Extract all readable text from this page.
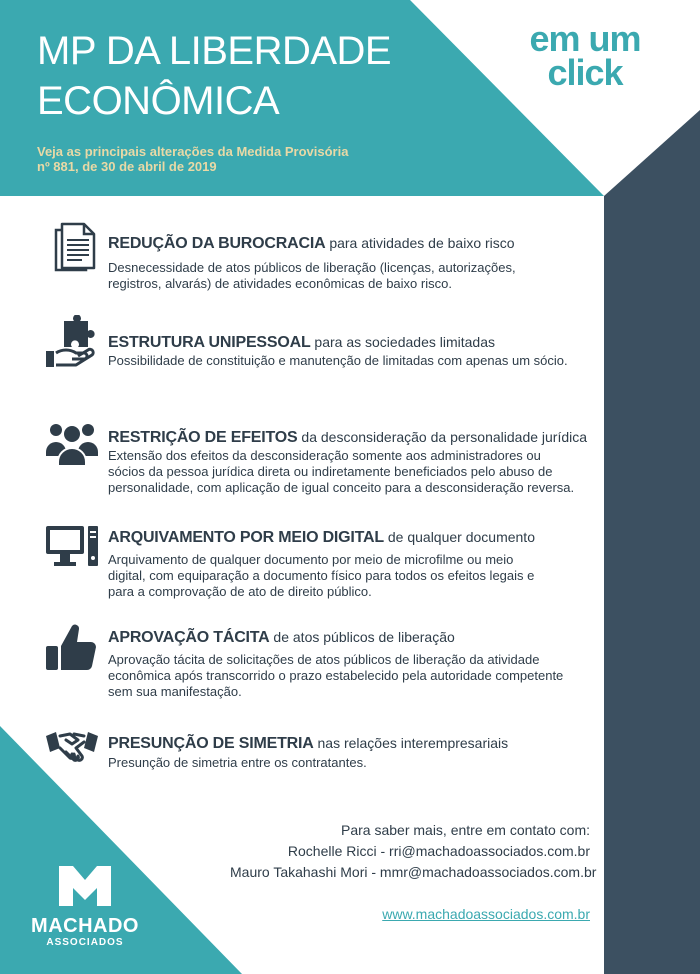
MP DA LIBERDADE
ECONÔMICA
Veja as principais alterações da Medida Provisória
nº 881, de 30 de abril de 2019
em um
click
REDUÇÃO DA BUROCRACIA para atividades de baixo risco
Desnecessidade de atos públicos de liberação (licenças, autorizações,
registros, alvarás) de atividades econômicas de baixo risco.
ESTRUTURA UNIPESSOAL para as sociedades limitadas
Possibilidade de constituição e manutenção de limitadas com apenas um sócio.
RESTRIÇÃO DE EFEITOS da desconsideração da personalidade jurídica
Extensão dos efeitos da desconsideração somente aos administradores ou
sócios da pessoa jurídica direta ou indiretamente beneficiados pelo abuso de
personalidade, com aplicação de igual conceito para a desconsideração reversa.
ARQUIVAMENTO POR MEIO DIGITAL de qualquer documento
Arquivamento de qualquer documento por meio de microfilme ou meio
digital, com equiparação a documento físico para todos os efeitos legais e
para a comprovação de ato de direito público.
APROVAÇÃO TÁCITA de atos públicos de liberação
Aprovação tácita de solicitações de atos públicos de liberação da atividade
econômica após transcorrido o prazo estabelecido pela autoridade competente
sem sua manifestação.
PRESUNÇÃO DE SIMETRIA nas relações interempresariais
Presunção de simetria entre os contratantes.
Para saber mais, entre em contato com:
Rochelle Ricci - rri@machadoassociados.com.br
Mauro Takahashi Mori - mmr@machadoassociados.com.br
www.machadoassociados.com.br
MACHADO
ASSOCIADOS
